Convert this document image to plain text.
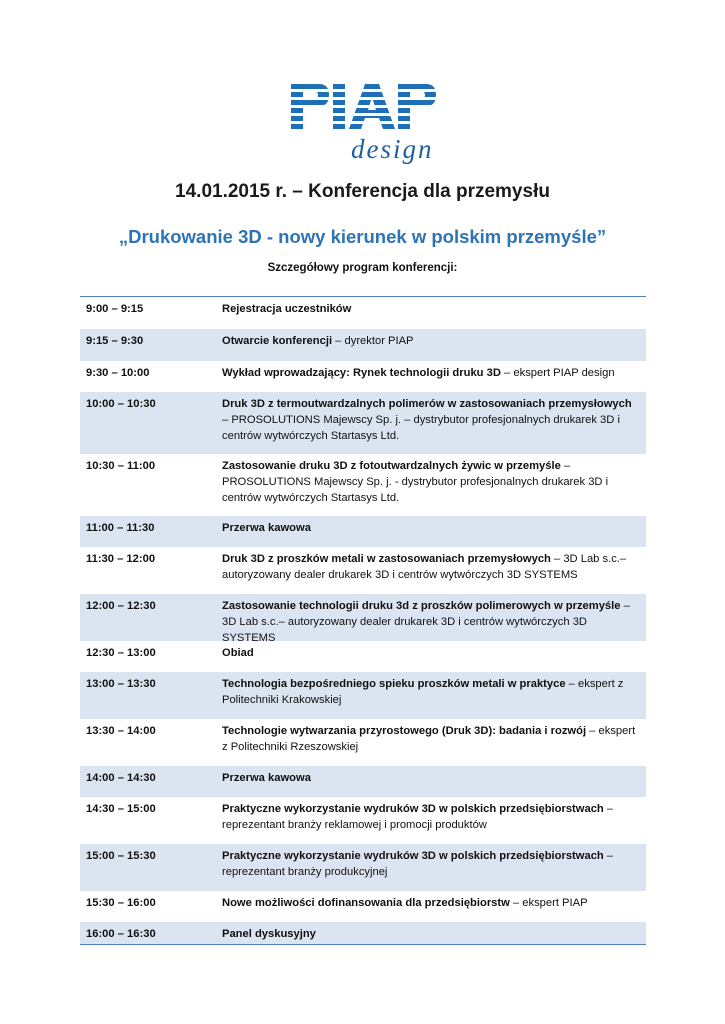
design
14.01.2015 r. – Konferencja dla przemysłu
„Drukowanie 3D - nowy kierunek w polskim przemyśle”
Szczegółowy program konferencji:
9:00 – 9:15	Rejestracja uczestników
9:15 – 9:30	Otwarcie konferencji – dyrektor PIAP
9:30 – 10:00	Wykład wprowadzający: Rynek technologii druku 3D – ekspert PIAP design
10:00 – 10:30	Druk 3D z termoutwardzalnych polimerów w zastosowaniach przemysłowych – PROSOLUTIONS Majewscy Sp. j. – dystrybutor profesjonalnych drukarek 3D i centrów wytwórczych Startasys Ltd.
10:30 – 11:00	Zastosowanie druku 3D z fotoutwardzalnych żywic w przemyśle – PROSOLUTIONS Majewscy Sp. j. - dystrybutor profesjonalnych drukarek 3D i centrów wytwórczych Startasys Ltd.
11:00 – 11:30	Przerwa kawowa
11:30 – 12:00	Druk 3D z proszków metali w zastosowaniach przemysłowych – 3D Lab s.c.– autoryzowany dealer drukarek 3D i centrów wytwórczych 3D SYSTEMS
12:00 – 12:30	Zastosowanie technologii druku 3d z proszków polimerowych w przemyśle – 3D Lab s.c.– autoryzowany dealer drukarek 3D i centrów wytwórczych 3D SYSTEMS
12:30 – 13:00	Obiad
13:00 – 13:30	Technologia bezpośredniego spieku proszków metali w praktyce – ekspert z Politechniki Krakowskiej
13:30 – 14:00	Technologie wytwarzania przyrostowego (Druk 3D): badania i rozwój – ekspert z Politechniki Rzeszowskiej
14:00 – 14:30	Przerwa kawowa
14:30 – 15:00	Praktyczne wykorzystanie wydruków 3D w polskich przedsiębiorstwach – reprezentant branży reklamowej i promocji produktów
15:00 – 15:30	Praktyczne wykorzystanie wydruków 3D w polskich przedsiębiorstwach – reprezentant branży produkcyjnej
15:30 – 16:00	Nowe możliwości dofinansowania dla przedsiębiorstw – ekspert PIAP
16:00 – 16:30	Panel dyskusyjny
